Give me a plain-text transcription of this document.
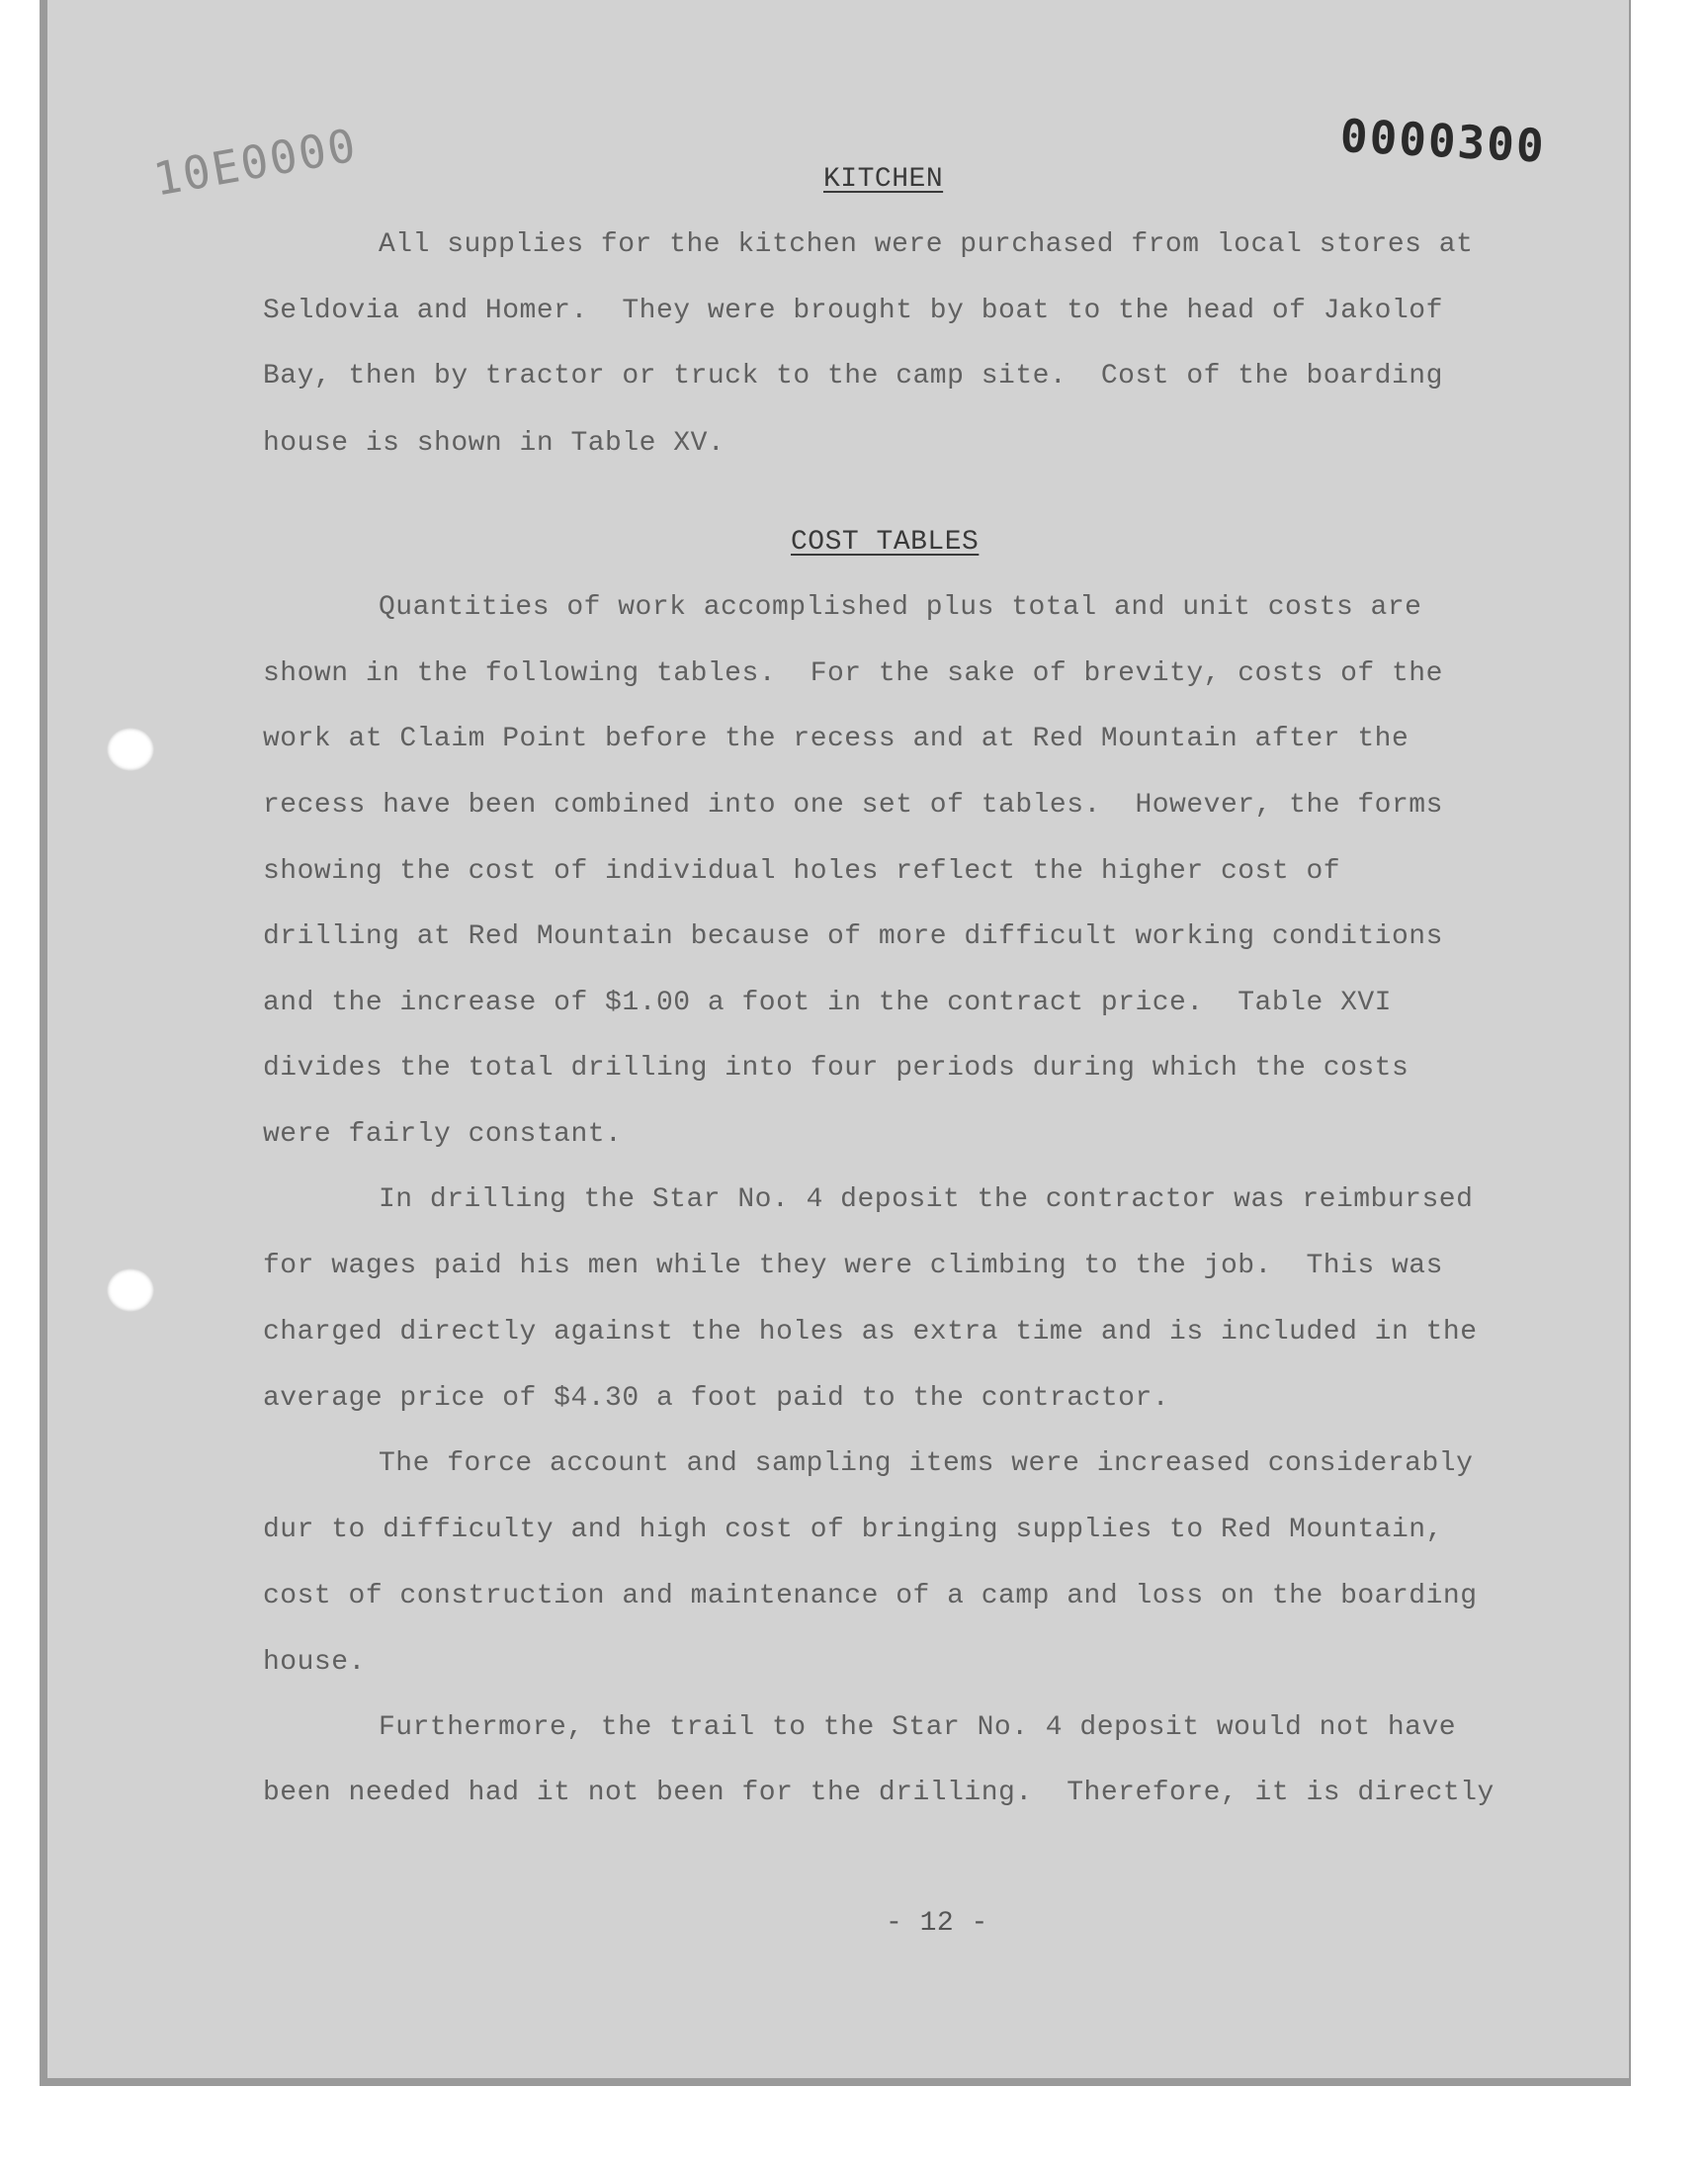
10E0000	0000300
KITCHEN
All supplies for the kitchen were purchased from local stores at
Seldovia and Homer.  They were brought by boat to the head of Jakolof
Bay, then by tractor or truck to the camp site.  Cost of the boarding
house is shown in Table XV.
COST TABLES
Quantities of work accomplished plus total and unit costs are
shown in the following tables.  For the sake of brevity, costs of the
work at Claim Point before the recess and at Red Mountain after the
recess have been combined into one set of tables.  However, the forms
showing the cost of individual holes reflect the higher cost of
drilling at Red Mountain because of more difficult working conditions
and the increase of $1.00 a foot in the contract price.  Table XVI
divides the total drilling into four periods during which the costs
were fairly constant.
In drilling the Star No. 4 deposit the contractor was reimbursed
for wages paid his men while they were climbing to the job.  This was
charged directly against the holes as extra time and is included in the
average price of $4.30 a foot paid to the contractor.
The force account and sampling items were increased considerably
dur to difficulty and high cost of bringing supplies to Red Mountain,
cost of construction and maintenance of a camp and loss on the boarding
house.
Furthermore, the trail to the Star No. 4 deposit would not have
been needed had it not been for the drilling.  Therefore, it is directly
- 12 -
